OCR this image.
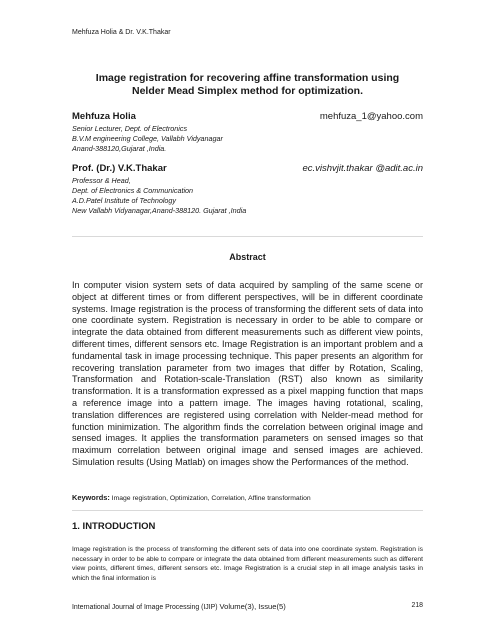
Mehfuza Holia & Dr. V.K.Thakar
Image registration for recovering affine transformation using
Nelder Mead Simplex method for optimization.
Mehfuza Holia	mehfuza_1@yahoo.com
Senior Lecturer, Dept. of Electronics
B.V.M engineering College, Vallabh Vidyanagar
Anand-388120,Gujarat ,India.
Prof. (Dr.) V.K.Thakar	ec.vishvjit.thakar @adit.ac.in
Professor & Head,
Dept. of Electronics & Communication
A.D.Patel Institute of Technology
New Vallabh Vidyanagar,Anand-388120. Gujarat ,India
Abstract
In computer vision system sets of data acquired by sampling of the same scene or object at different times or from different perspectives, will be in different coordinate systems. Image registration is the process of transforming the different sets of data into one coordinate system. Registration is necessary in order to be able to compare or integrate the data obtained from different measurements such as different view points, different times, different sensors etc. Image Registration is an important problem and a fundamental task in image processing technique. This paper presents an algorithm for recovering translation parameter from two images that differ by Rotation, Scaling, Transformation and Rotation-scale-Translation (RST) also known as similarity transformation. It is a transformation expressed as a pixel mapping function that maps a reference image into a pattern image. The images having rotational, scaling, translation differences are registered using correlation with Nelder-mead method for function minimization. The algorithm finds the correlation between original image and sensed images. It applies the transformation parameters on sensed images so that maximum correlation between original image and sensed images are achieved. Simulation results (Using Matlab) on images show the Performances of the method.
Keywords: Image registration, Optimization, Correlation, Affine transformation
1. INTRODUCTION
Image registration is the process of transforming the different sets of data into one coordinate system. Registration is necessary in order to be able to compare or integrate the data obtained from different measurements such as different view points, different times, different sensors etc. Image Registration is a crucial step in all image analysis tasks in which the final information is
International Journal of Image Processing (IJIP) Volume(3), Issue(5)	218
